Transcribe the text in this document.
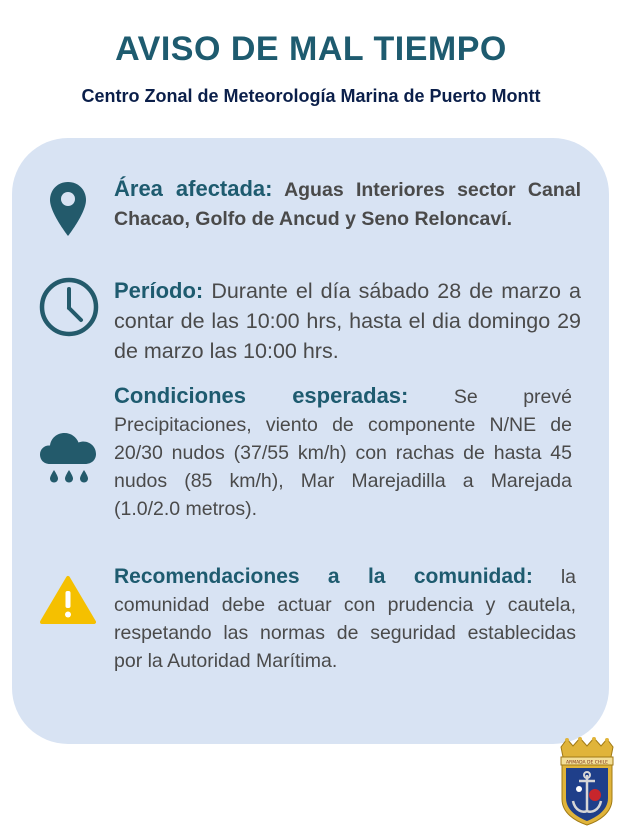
AVISO DE MAL TIEMPO
Centro Zonal de Meteorología Marina de Puerto Montt
Área afectada: Aguas Interiores sector Canal Chacao, Golfo de Ancud y Seno Reloncaví.
Período: Durante el día sábado 28 de marzo a contar de las 10:00 hrs, hasta el dia domingo 29 de marzo las 10:00 hrs.
Condiciones esperadas: Se prevé Precipitaciones, viento de componente N/NE de 20/30 nudos (37/55 km/h) con rachas de hasta 45 nudos (85 km/h), Mar Marejadilla a Marejada (1.0/2.0 metros).
Recomendaciones a la comunidad: la comunidad debe actuar con prudencia y cautela, respetando las normas de seguridad establecidas por la Autoridad Marítima.
ARMADA DE CHILE
